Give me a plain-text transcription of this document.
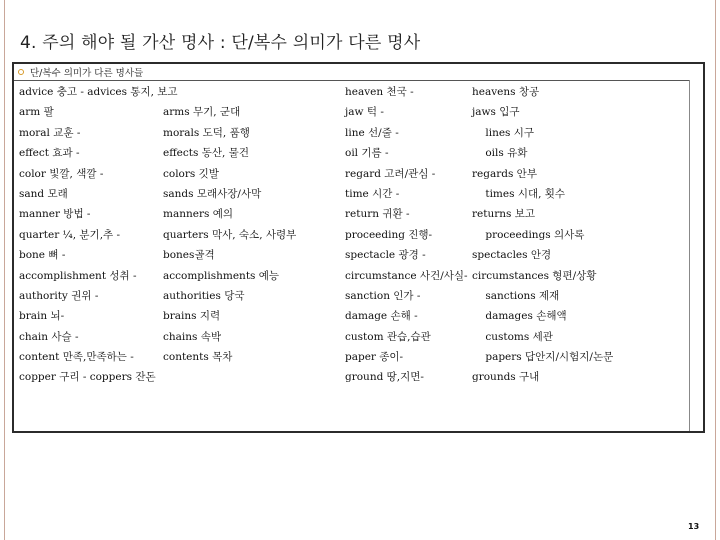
4. 주의 해야 될 가산 명사 : 단/복수 의미가 다른 명사
단/복수 의미가 다른 명사들
advice 충고 - advices 통지, 보고
arm 팔
moral 교훈 -
effect 효과 -
color 빛깔, 색깔 -
sand 모래
manner 방법 -
quarter ¼, 분기,추 -
bone 뼈 -
accomplishment 성취 -
authority 권위 -
brain 뇌-
chain 사슬 -
content 만족,만족하는 -
copper 구리 - coppers 잔돈
arms 무기, 군대
morals 도덕, 품행
effects 동산, 물건
colors 깃발
sands 모래사장/사막
manners 예의
quarters 막사, 숙소, 사령부
bones골격
accomplishments 예능
authorities 당국
brains 지력
chains 속박
contents 목차
heaven 천국 -
jaw 턱 -
line 선/줄 -
oil 기름 -
regard 고려/관심 -
time 시간 -
return 귀환 -
proceeding 진행-
spectacle 광경 -
circumstance 사건/사실-
sanction 인가 -
damage 손해 -
custom 관습,습관
paper 종이-
ground 땅,지면-
heavens 창공
jaws 입구
lines 시구
oils 유화
regards 안부
times 시대, 횟수
returns 보고
proceedings 의사록
spectacles 안경
circumstances 형편/상황
sanctions 제재
damages 손해액
customs 세관
papers 답안지/시험지/논문
grounds 구내
13
